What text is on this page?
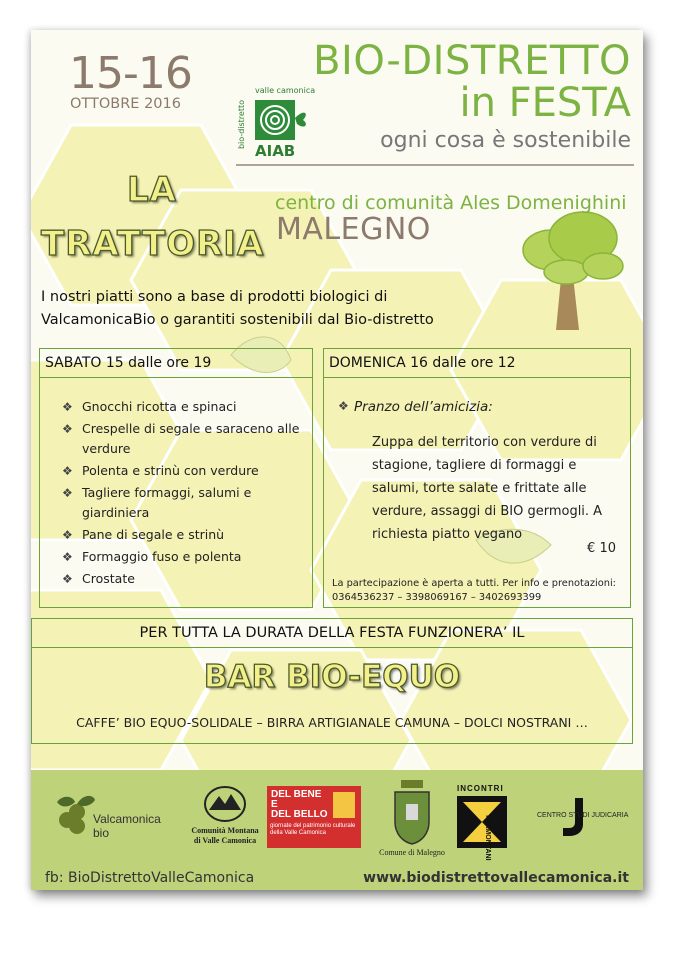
15-16
OTTOBRE 2016
BIO-DISTRETTO
in FESTA
ogni cosa è sostenibile
valle camonica
bio-distretto
AIAB
centro di comunità Ales Domenighini
MALEGNO
LA
TRATTORIA
I nostri piatti sono a base di prodotti biologici di ValcamonicaBio o garantiti sostenibili dal Bio-distretto
SABATO 15 dalle ore 19
❖ Gnocchi ricotta e spinaci
❖ Crespelle di segale e saraceno alle verdure
❖ Polenta e strinù con verdure
❖ Tagliere formaggi, salumi e giardiniera
❖ Pane di segale e strinù
❖ Formaggio fuso e polenta
❖ Crostate
DOMENICA 16 dalle ore 12
❖ Pranzo dell’amicizia:
Zuppa del territorio con verdure di stagione, tagliere di formaggi e salumi, torte salate e frittate alle verdure, assaggi di BIO germogli. A richiesta piatto vegano
€ 10
La partecipazione è aperta a tutti. Per info e prenotazioni: 0364536237 – 3398069167 – 3402693399
PER TUTTA LA DURATA DELLA FESTA FUNZIONERA’ IL
BAR BIO-EQUO
CAFFE’ BIO EQUO-SOLIDALE – BIRRA ARTIGIANALE CAMUNA – DOLCI NOSTRANI …
Valcamonica
bio	Comunità Montana
di Valle Camonica
DEL BENE
E
DEL BELLO
giornate del patrimonio culturale della Valle Camonica
Comune di Malegno
INCONTRI
TRAMONTANI	CENTRO STUDI JUDICARIA
fb: BioDistrettoValleCamonica	www.biodistrettovallecamonica.it
